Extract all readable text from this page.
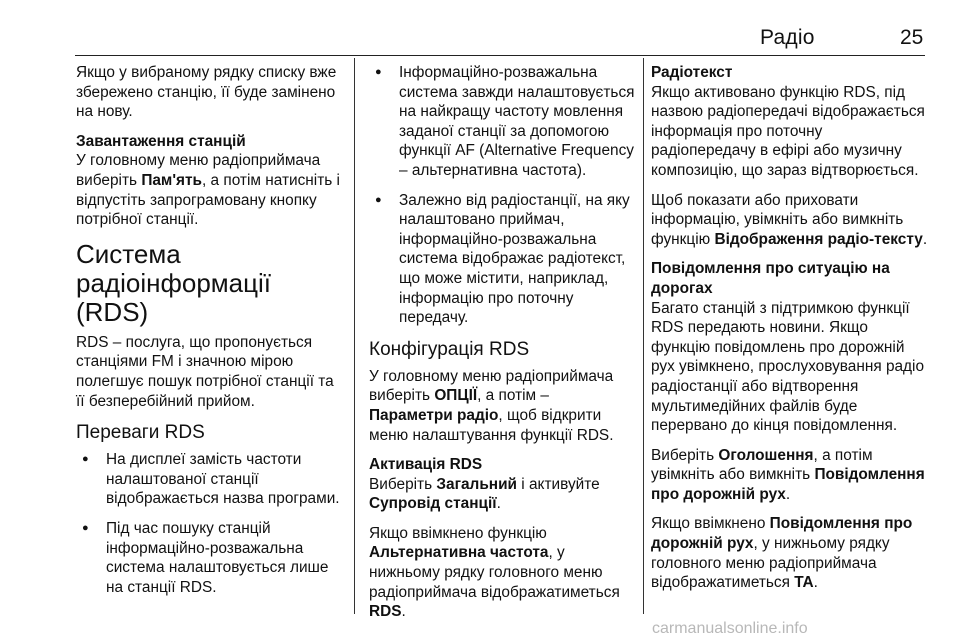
Радіо	25

Якщо у вибраному рядку списку вже збережено станцію, її буде замінено на нову.

Завантаження станцій
У головному меню радіоприймача виберіть Пам'ять, а потім натисніть і відпустіть запрограмовану кнопку потрібної станції.

Система радіоінформації (RDS)

RDS – послуга, що пропонується станціями FM і значною мірою полегшує пошук потрібної станції та її безперебійний прийом.

Переваги RDS
● На дисплеї замість частоти налаштованої станції відображається назва програми.
● Під час пошуку станцій інформаційно-розважальна система налаштовується лише на станції RDS.
● Інформаційно-розважальна система завжди налаштовується на найкращу частоту мовлення заданої станції за допомогою функції AF (Alternative Frequency – альтернативна частота).
● Залежно від радіостанції, на яку налаштовано приймач, інформаційно-розважальна система відображає радіотекст, що може містити, наприклад, інформацію про поточну передачу.
Конфігурація RDS

У головному меню радіоприймача виберіть ОПЦІЇ, а потім –
Параметри радіо, щоб відкрити меню налаштування функції RDS.

Активація RDS
Виберіть Загальний і активуйте
Супровід станції.

Якщо ввімкнено функцію
Альтернативна частота, у нижньому рядку головного меню радіоприймача відображатиметься RDS.

Радіотекст
Якщо активовано функцію RDS, під назвою радіопередачі відображається інформація про поточну радіопередачу в ефірі або музичну композицію, що зараз відтворюється.

Щоб показати або приховати інформацію, увімкніть або вимкніть функцію Відображення радіо-тексту.

Повідомлення про ситуацію на дорогах
Багато станцій з підтримкою функції RDS передають новини. Якщо функцію повідомлень про дорожній рух увімкнено, прослуховування радіо радіостанції або відтворення мультимедійних файлів буде перервано до кінця повідомлення.

Виберіть Оголошення, а потім увімкніть або вимкніть Повідомлення про дорожній рух.

Якщо ввімкнено Повідомлення про дорожній рух, у нижньому рядку головного меню радіоприймача відображатиметься TA.

carmanualsonline.info
